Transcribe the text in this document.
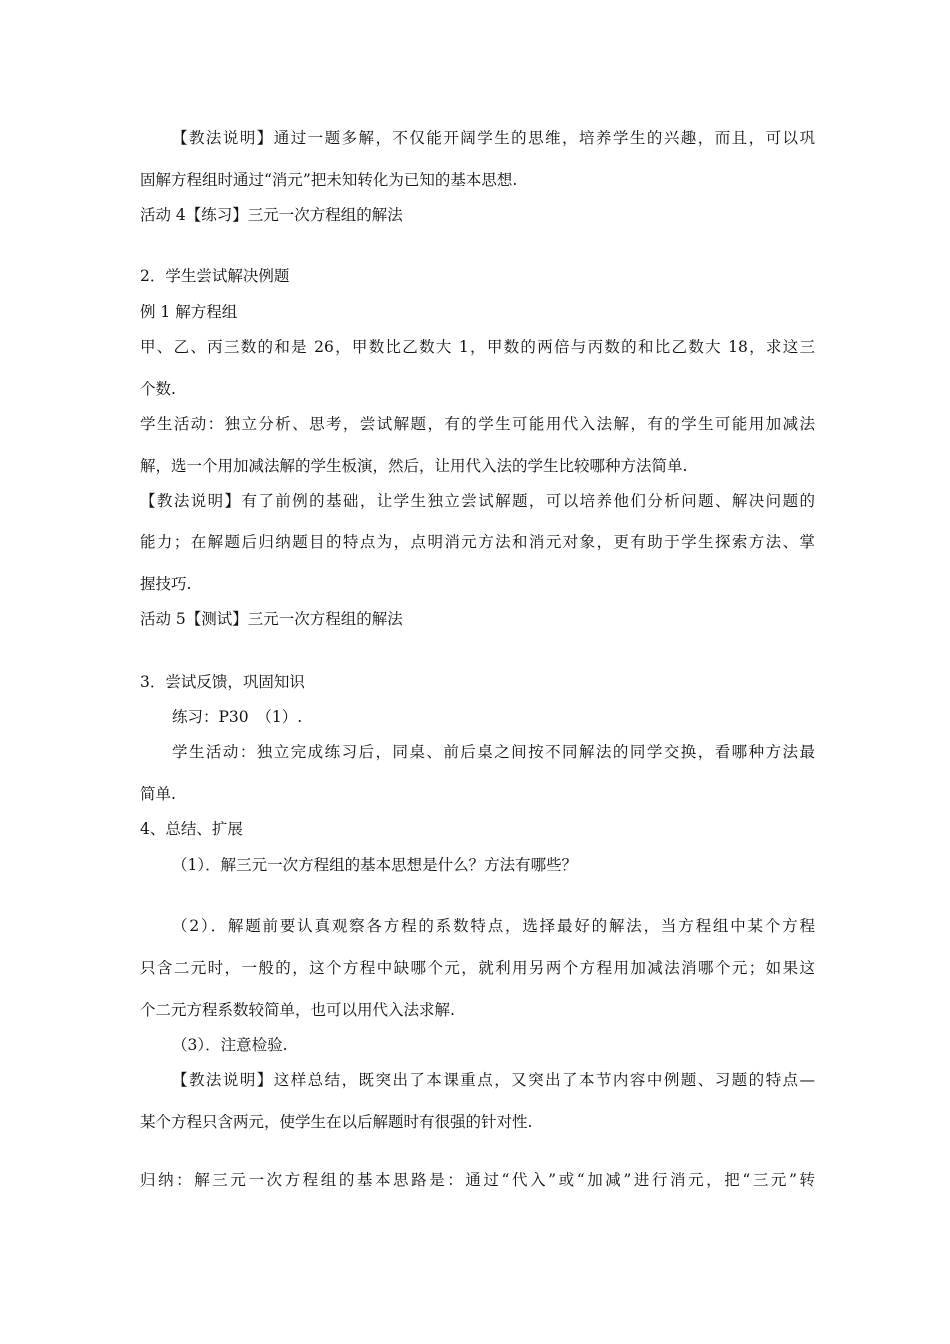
【教法说明】通过一题多解，不仅能开阔学生的思维，培养学生的兴趣，而且，可以巩
固解方程组时通过“消元”把未知转化为已知的基本思想.
活动 4【练习】三元一次方程组的解法
2．学生尝试解决例题
例 1 解方程组
甲、乙、丙三数的和是 26，甲数比乙数大 1，甲数的两倍与丙数的和比乙数大 18，求这三
个数.
学生活动：独立分析、思考，尝试解题，有的学生可能用代入法解，有的学生可能用加减法
解，选一个用加减法解的学生板演，然后，让用代入法的学生比较哪种方法简单.
【教法说明】有了前例的基础，让学生独立尝试解题，可以培养他们分析问题、解决问题的
能力；在解题后归纳题目的特点为，点明消元方法和消元对象，更有助于学生探索方法、掌
握技巧.
活动 5【测试】三元一次方程组的解法
3．尝试反馈，巩固知识
练习：P30　（1）.
学生活动：独立完成练习后，同桌、前后桌之间按不同解法的同学交换，看哪种方法最
简单.
4、总结、扩展
（1）．解三元一次方程组的基本思想是什么？方法有哪些？
（2）．解题前要认真观察各方程的系数特点，选择最好的解法，当方程组中某个方程
只含二元时，一般的，这个方程中缺哪个元，就利用另两个方程用加减法消哪个元；如果这
个二元方程系数较简单，也可以用代入法求解.
（3）．注意检验.
【教法说明】这样总结，既突出了本课重点，又突出了本节内容中例题、习题的特点—
某个方程只含两元，使学生在以后解题时有很强的针对性.
归纳：解三元一次方程组的基本思路是：通过“代入”或“加减”进行消元，把“三元”转
